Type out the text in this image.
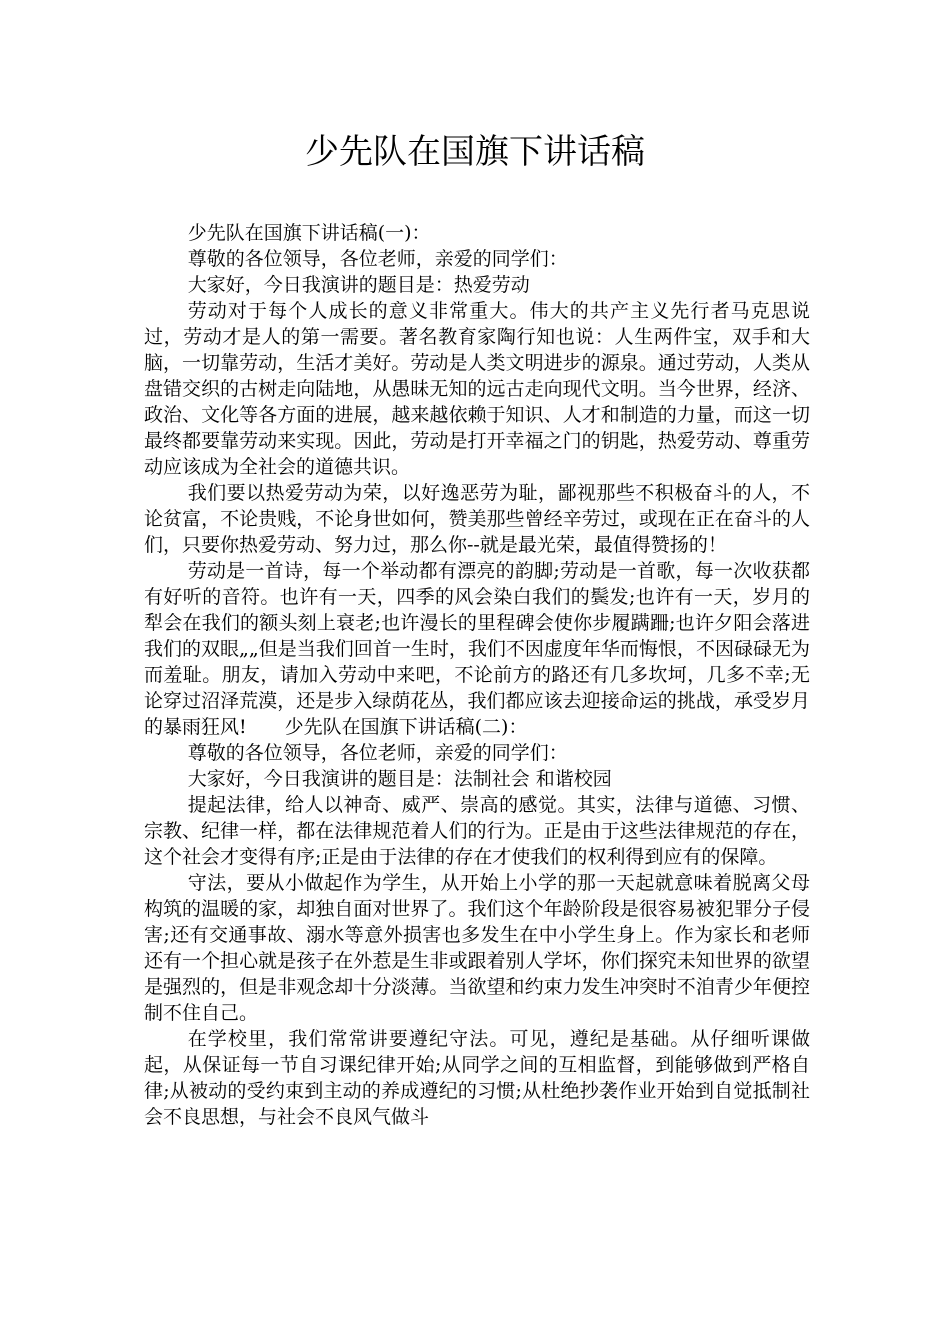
少先队在国旗下讲话稿

少先队在国旗下讲话稿(一)：

尊敬的各位领导，各位老师，亲爱的同学们：

大家好，今日我演讲的题目是：热爱劳动

劳动对于每个人成长的意义非常重大。伟大的共产主义先行者马克思说过，劳动才是人的第一需要。著名教育家陶行知也说：人生两件宝，双手和大脑，一切靠劳动，生活才美好。劳动是人类文明进步的源泉。通过劳动，人类从盘错交织的古树走向陆地，从愚昧无知的远古走向现代文明。当今世界，经济、政治、文化等各方面的进展，越来越依赖于知识、人才和制造的力量，而这一切最终都要靠劳动来实现。因此，劳动是打开幸福之门的钥匙，热爱劳动、尊重劳动应该成为全社会的道德共识。

我们要以热爱劳动为荣，以好逸恶劳为耻，鄙视那些不积极奋斗的人，不论贫富，不论贵贱，不论身世如何，赞美那些曾经辛劳过，或现在正在奋斗的人们，只要你热爱劳动、努力过，那么你--就是最光荣，最值得赞扬的！

劳动是一首诗，每一个举动都有漂亮的韵脚;劳动是一首歌，每一次收获都有好听的音符。也许有一天，四季的风会染白我们的鬓发;也许有一天，岁月的犁会在我们的额头刻上衰老;也许漫长的里程碑会使你步履蹒跚;也许夕阳会落进我们的双眼„„但是当我们回首一生时，我们不因虚度年华而悔恨，不因碌碌无为而羞耻。朋友，请加入劳动中来吧，不论前方的路还有几多坎坷，几多不幸;无论穿过沼泽荒漠，还是步入绿荫花丛，我们都应该去迎接命运的挑战，承受岁月的暴雨狂风!　　少先队在国旗下讲话稿(二)：

尊敬的各位领导，各位老师，亲爱的同学们：

大家好，今日我演讲的题目是：法制社会 和谐校园

提起法律，给人以神奇、威严、崇高的感觉。其实，法律与道德、习惯、宗教、纪律一样，都在法律规范着人们的行为。正是由于这些法律规范的存在，这个社会才变得有序;正是由于法律的存在才使我们的权利得到应有的保障。

守法，要从小做起作为学生，从开始上小学的那一天起就意味着脱离父母构筑的温暖的家，却独自面对世界了。我们这个年龄阶段是很容易被犯罪分子侵害;还有交通事故、溺水等意外损害也多发生在中小学生身上。作为家长和老师还有一个担心就是孩子在外惹是生非或跟着别人学坏，你们探究未知世界的欲望是强烈的，但是非观念却十分淡薄。当欲望和约束力发生冲突时不洎青少年便控制不住自己。

在学校里，我们常常讲要遵纪守法。可见，遵纪是基础。从仔细听课做起，从保证每一节自习课纪律开始;从同学之间的互相监督，到能够做到严格自律;从被动的受约束到主动的养成遵纪的习惯;从杜绝抄袭作业开始到自觉抵制社会不良思想，与社会不良风气做斗
